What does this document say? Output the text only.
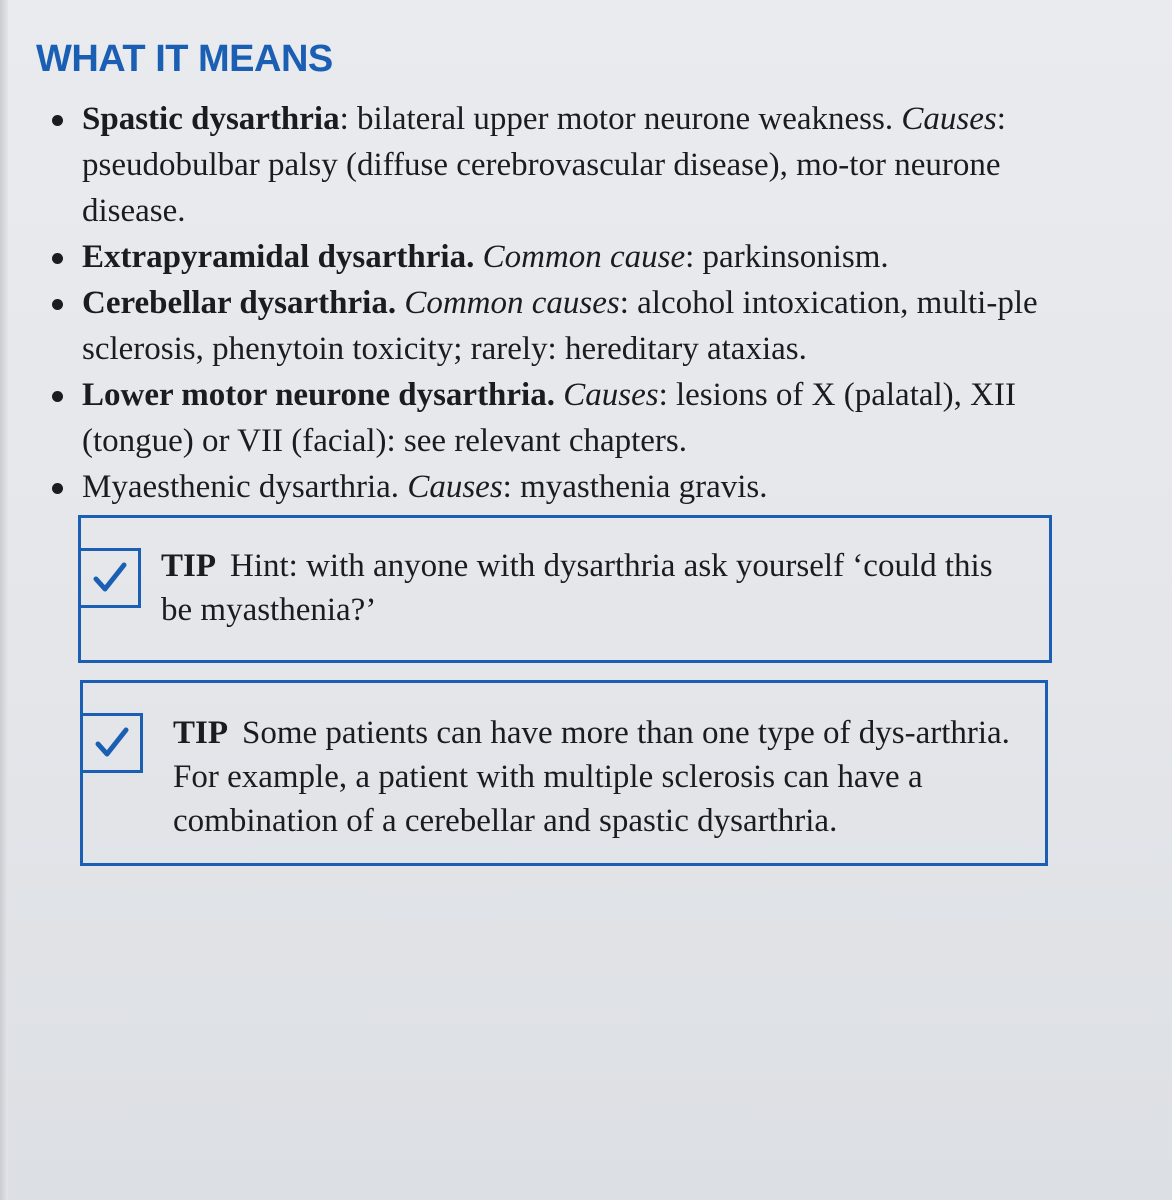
WHAT IT MEANS
Spastic dysarthria: bilateral upper motor neurone weakness. Causes: pseudobulbar palsy (diffuse cerebrovascular disease), mo-tor neurone disease.
Extrapyramidal dysarthria. Common cause: parkinsonism.
Cerebellar dysarthria. Common causes: alcohol intoxication, multi-ple sclerosis, phenytoin toxicity; rarely: hereditary ataxias.
Lower motor neurone dysarthria. Causes: lesions of X (palatal), XII (tongue) or VII (facial): see relevant chapters.
Myaesthenic dysarthria. Causes: myasthenia gravis.
TIP Hint: with anyone with dysarthria ask yourself ‘could this be myasthenia?’
TIP Some patients can have more than one type of dys-arthria. For example, a patient with multiple sclerosis can have a combination of a cerebellar and spastic dysarthria.
